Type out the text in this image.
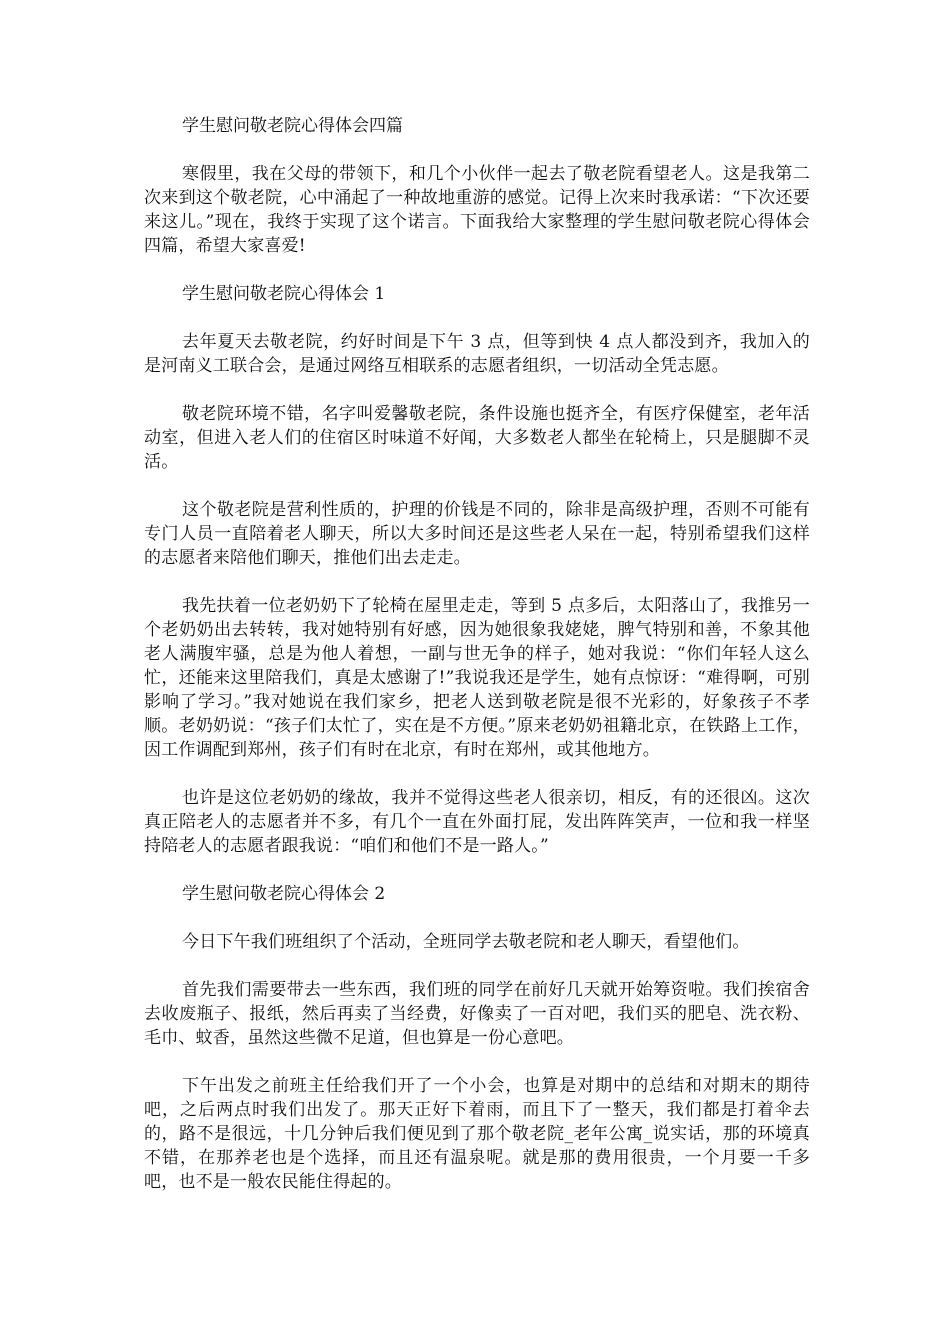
学生慰问敬老院心得体会四篇

寒假里，我在父母的带领下，和几个小伙伴一起去了敬老院看望老人。这是我第二次来到这个敬老院，心中涌起了一种故地重游的感觉。记得上次来时我承诺：“下次还要来这儿。”现在，我终于实现了这个诺言。下面我给大家整理的学生慰问敬老院心得体会四篇，希望大家喜爱!

学生慰问敬老院心得体会 1

去年夏天去敬老院，约好时间是下午 3 点，但等到快 4 点人都没到齐，我加入的是河南义工联合会，是通过网络互相联系的志愿者组织，一切活动全凭志愿。

敬老院环境不错，名字叫爱馨敬老院，条件设施也挺齐全，有医疗保健室，老年活动室，但进入老人们的住宿区时味道不好闻，大多数老人都坐在轮椅上，只是腿脚不灵活。

这个敬老院是营利性质的，护理的价钱是不同的，除非是高级护理，否则不可能有专门人员一直陪着老人聊天，所以大多时间还是这些老人呆在一起，特别希望我们这样的志愿者来陪他们聊天，推他们出去走走。

我先扶着一位老奶奶下了轮椅在屋里走走，等到 5 点多后，太阳落山了，我推另一个老奶奶出去转转，我对她特别有好感，因为她很象我姥姥，脾气特别和善，不象其他老人满腹牢骚，总是为他人着想，一副与世无争的样子，她对我说：“你们年轻人这么忙，还能来这里陪我们，真是太感谢了!”我说我还是学生，她有点惊讶：“难得啊，可别影响了学习。”我对她说在我们家乡，把老人送到敬老院是很不光彩的，好象孩子不孝顺。老奶奶说：“孩子们太忙了，实在是不方便。”原来老奶奶祖籍北京，在铁路上工作，因工作调配到郑州，孩子们有时在北京，有时在郑州，或其他地方。

也许是这位老奶奶的缘故，我并不觉得这些老人很亲切，相反，有的还很凶。这次真正陪老人的志愿者并不多，有几个一直在外面打屁，发出阵阵笑声，一位和我一样坚持陪老人的志愿者跟我说：“咱们和他们不是一路人。”

学生慰问敬老院心得体会 2

今日下午我们班组织了个活动，全班同学去敬老院和老人聊天，看望他们。

首先我们需要带去一些东西，我们班的同学在前好几天就开始筹资啦。我们挨宿舍去收废瓶子、报纸，然后再卖了当经费，好像卖了一百对吧，我们买的肥皂、洗衣粉、毛巾、蚊香，虽然这些微不足道，但也算是一份心意吧。

下午出发之前班主任给我们开了一个小会，也算是对期中的总结和对期末的期待吧，之后两点时我们出发了。那天正好下着雨，而且下了一整天，我们都是打着伞去的，路不是很远，十几分钟后我们便见到了那个敬老院_老年公寓_说实话，那的环境真不错，在那养老也是个选择，而且还有温泉呢。就是那的费用很贵，一个月要一千多吧，也不是一般农民能住得起的。
